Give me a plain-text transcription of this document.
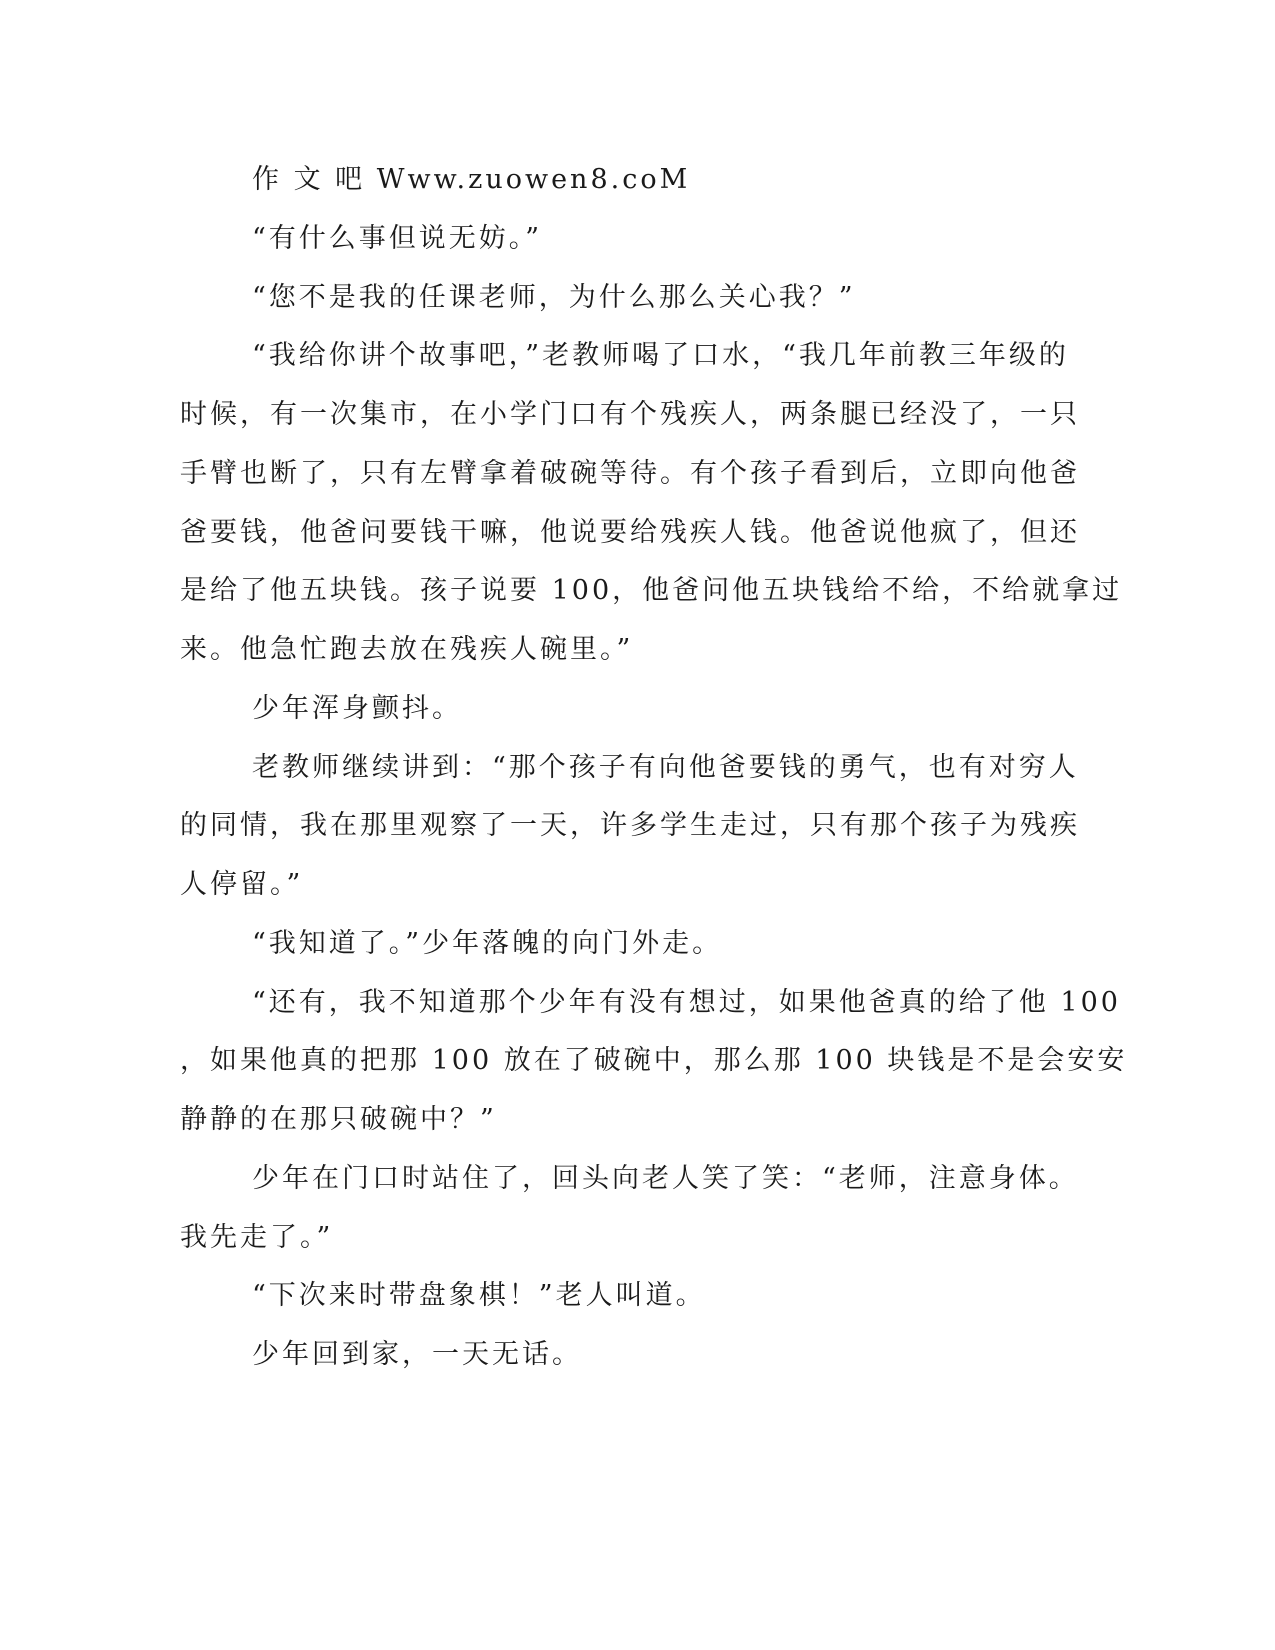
作 文 吧 Www.zuowen8.coM
“有什么事但说无妨。”
“您不是我的任课老师，为什么那么关心我？”
“我给你讲个故事吧，”老教师喝了口水，“我几年前教三年级的
时候，有一次集市，在小学门口有个残疾人，两条腿已经没了，一只
手臂也断了，只有左臂拿着破碗等待。有个孩子看到后，立即向他爸
爸要钱，他爸问要钱干嘛，他说要给残疾人钱。他爸说他疯了，但还
是给了他五块钱。孩子说要 100，他爸问他五块钱给不给，不给就拿过
来。他急忙跑去放在残疾人碗里。”
少年浑身颤抖。
老教师继续讲到：“那个孩子有向他爸要钱的勇气，也有对穷人
的同情，我在那里观察了一天，许多学生走过，只有那个孩子为残疾
人停留。”
“我知道了。”少年落魄的向门外走。
“还有，我不知道那个少年有没有想过，如果他爸真的给了他 100
，如果他真的把那 100 放在了破碗中，那么那 100 块钱是不是会安安
静静的在那只破碗中？”
少年在门口时站住了，回头向老人笑了笑：“老师，注意身体。
我先走了。”
“下次来时带盘象棋！”老人叫道。
少年回到家，一天无话。
